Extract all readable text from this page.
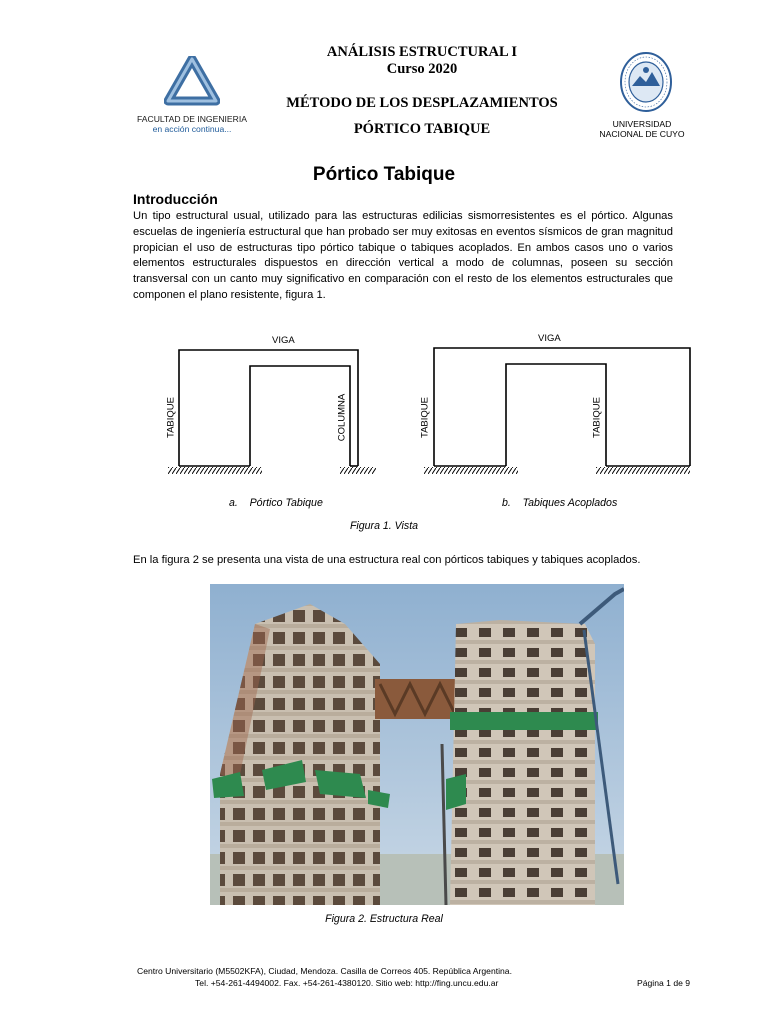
FACULTAD DE INGENIERIA
en acción continua...
ANÁLISIS ESTRUCTURAL I
Curso 2020
MÉTODO DE LOS DESPLAZAMIENTOS
PÓRTICO TABIQUE	UNIVERSIDAD
NACIONAL DE CUYO
Pórtico Tabique
Introducción
Un tipo estructural usual, utilizado para las estructuras edilicias sismorresistentes es el pórtico. Algunas escuelas de ingeniería estructural que han probado ser muy exitosas en eventos sísmicos de gran magnitud propician el uso de estructuras tipo pórtico tabique o tabiques acoplados. En ambos casos uno o varios elementos estructurales dispuestos en dirección vertical a modo de columnas, poseen su sección transversal con un canto muy significativo en comparación con el resto de los elementos estructurales que componen el plano resistente, figura 1.
VIGA
TABIQUE	COLUMNA
VIGA
TABIQUE	TABIQUE
a.    Pórtico Tabique	b.    Tabiques Acoplados
Figura 1. Vista
En la figura 2 se presenta una vista de una estructura real con pórticos tabiques y tabiques acoplados.
Figura 2. Estructura Real
Centro Universitario (M5502KFA), Ciudad, Mendoza. Casilla de Correos 405. República Argentina.
Tel. +54-261-4494002. Fax. +54-261-4380120. Sitio web: http://fing.uncu.edu.ar	Página 1 de 9
